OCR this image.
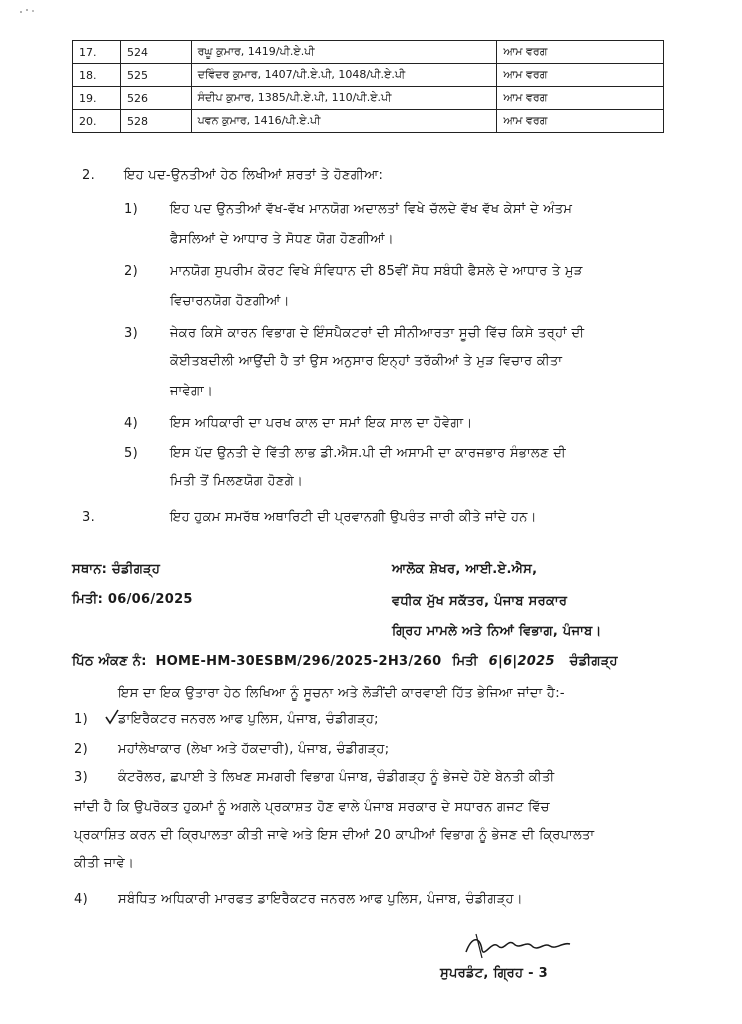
17.	524	ਰਘੂ ਕੁਮਾਰ, 1419/ਪੀ.ਏ.ਪੀ	ਆਮ ਵਰਗ
18.	525	ਦਵਿੰਦਰ ਕੁਮਾਰ, 1407/ਪੀ.ਏ.ਪੀ, 1048/ਪੀ.ਏ.ਪੀ	ਆਮ ਵਰਗ
19.	526	ਸੰਦੀਪ ਕੁਮਾਰ, 1385/ਪੀ.ਏ.ਪੀ, 110/ਪੀ.ਏ.ਪੀ	ਆਮ ਵਰਗ
20.	528	ਪਵਨ ਕੁਮਾਰ, 1416/ਪੀ.ਏ.ਪੀ	ਆਮ ਵਰਗ
2. ਇਹ ਪਦ-ਉਨਤੀਆਂ ਹੇਠ ਲਿਖੀਆਂ ਸ਼ਰਤਾਂ ਤੇ ਹੋਣਗੀਆ:
1) ਇਹ ਪਦ ਉਨਤੀਆਂ ਵੱਖ-ਵੱਖ ਮਾਨਯੋਗ ਅਦਾਲਤਾਂ ਵਿਖੇ ਚੱਲਦੇ ਵੱਖ ਵੱਖ ਕੇਸਾਂ ਦੇ ਅੰਤਮ
ਫੈਸਲਿਆਂ ਦੇ ਆਧਾਰ ਤੇ ਸੋਧਣ ਯੋਗ ਹੋਣਗੀਆਂ।
2) ਮਾਨਯੋਗ ਸੁਪਰੀਮ ਕੋਰਟ ਵਿਖੇ ਸੰਵਿਧਾਨ ਦੀ 85ਵੀਂ ਸੋਧ ਸਬੰਧੀ ਫੈਸਲੇ ਦੇ ਆਧਾਰ ਤੇ ਮੁੜ
ਵਿਚਾਰਨਯੋਗ ਹੋਣਗੀਆਂ।
3) ਜੇਕਰ ਕਿਸੇ ਕਾਰਨ ਵਿਭਾਗ ਦੇ ਇੰਸਪੈਕਟਰਾਂ ਦੀ ਸੀਨੀਆਰਤਾ ਸੂਚੀ ਵਿੱਚ ਕਿਸੇ ਤਰ੍ਹਾਂ ਦੀ
ਕੋਈਤਬਦੀਲੀ ਆਉਂਦੀ ਹੈ ਤਾਂ ਉਸ ਅਨੁਸਾਰ ਇਨ੍ਹਾਂ ਤਰੱਕੀਆਂ ਤੇ ਮੁੜ ਵਿਚਾਰ ਕੀਤਾ
ਜਾਵੇਗਾ।
4) ਇਸ ਅਧਿਕਾਰੀ ਦਾ ਪਰਖ ਕਾਲ ਦਾ ਸਮਾਂ ਇਕ ਸਾਲ ਦਾ ਹੋਵੇਗਾ।
5) ਇਸ ਪੱਦ ਉਨਤੀ ਦੇ ਵਿੱਤੀ ਲਾਭ ਡੀ.ਐਸ.ਪੀ ਦੀ ਅਸਾਮੀ ਦਾ ਕਾਰਜਭਾਰ ਸੰਭਾਲਣ ਦੀ
ਮਿਤੀ ਤੋਂ ਮਿਲਣਯੋਗ ਹੋਣਗੇ।
3.	ਇਹ ਹੁਕਮ ਸਮਰੱਥ ਅਥਾਰਿਟੀ ਦੀ ਪ੍ਰਵਾਨਗੀ ਉਪਰੰਤ ਜਾਰੀ ਕੀਤੇ ਜਾਂਦੇ ਹਨ।
ਸਥਾਨ: ਚੰਡੀਗੜ੍ਹ
ਮਿਤੀ: 06/06/2025
ਆਲੋਕ ਸ਼ੇਖਰ, ਆਈ.ਏ.ਐਸ,
ਵਧੀਕ ਮੁੱਖ ਸਕੱਤਰ, ਪੰਜਾਬ ਸਰਕਾਰ
ਗ੍ਰਿਹ ਮਾਮਲੇ ਅਤੇ ਨਿਆਂ ਵਿਭਾਗ, ਪੰਜਾਬ।
ਪਿੱਠ ਅੰਕਣ ਨੰ: HOME-HM-30ESBM/296/2025-2H3/260 ਮਿਤੀ 6|6|2025 ਚੰਡੀਗੜ੍ਹ
ਇਸ ਦਾ ਇਕ ਉਤਾਰਾ ਹੇਠ ਲਿਖਿਆ ਨੂੰ ਸੂਚਨਾ ਅਤੇ ਲੋੜੀਂਦੀ ਕਾਰਵਾਈ ਹਿੱਤ ਭੇਜਿਆ ਜਾਂਦਾ ਹੈ:-
1) ਡਾਇਰੈਕਟਰ ਜਨਰਲ ਆਫ ਪੁਲਿਸ, ਪੰਜਾਬ, ਚੰਡੀਗੜ੍ਹ;
2) ਮਹਾਂਲੇਖਾਕਾਰ (ਲੇਖਾ ਅਤੇ ਹੱਕਦਾਰੀ), ਪੰਜਾਬ, ਚੰਡੀਗੜ੍ਹ;
3) ਕੰਟਰੋਲਰ, ਛਪਾਈ ਤੇ ਲਿਖਣ ਸਮਗਰੀ ਵਿਭਾਗ ਪੰਜਾਬ, ਚੰਡੀਗੜ੍ਹ ਨੂੰ ਭੇਜਦੇ ਹੋਏ ਬੇਨਤੀ ਕੀਤੀ
ਜਾਂਦੀ ਹੈ ਕਿ ਉਪਰੋਕਤ ਹੁਕਮਾਂ ਨੂੰ ਅਗਲੇ ਪ੍ਰਕਾਸ਼ਤ ਹੋਣ ਵਾਲੇ ਪੰਜਾਬ ਸਰਕਾਰ ਦੇ ਸਧਾਰਨ ਗਜਟ ਵਿੱਚ
ਪ੍ਰਕਾਸ਼ਿਤ ਕਰਨ ਦੀ ਕ੍ਰਿਪਾਲਤਾ ਕੀਤੀ ਜਾਵੇ ਅਤੇ ਇਸ ਦੀਆਂ 20 ਕਾਪੀਆਂ ਵਿਭਾਗ ਨੂੰ ਭੇਜਣ ਦੀ ਕ੍ਰਿਪਾਲਤਾ
ਕੀਤੀ ਜਾਵੇ।
4) ਸਬੰਧਿਤ ਅਧਿਕਾਰੀ ਮਾਰਫਤ ਡਾਇਰੈਕਟਰ ਜਨਰਲ ਆਫ ਪੁਲਿਸ, ਪੰਜਾਬ, ਚੰਡੀਗੜ੍ਹ।
ਸੁਪਰਡੰਟ, ਗ੍ਰਿਹ - 3
